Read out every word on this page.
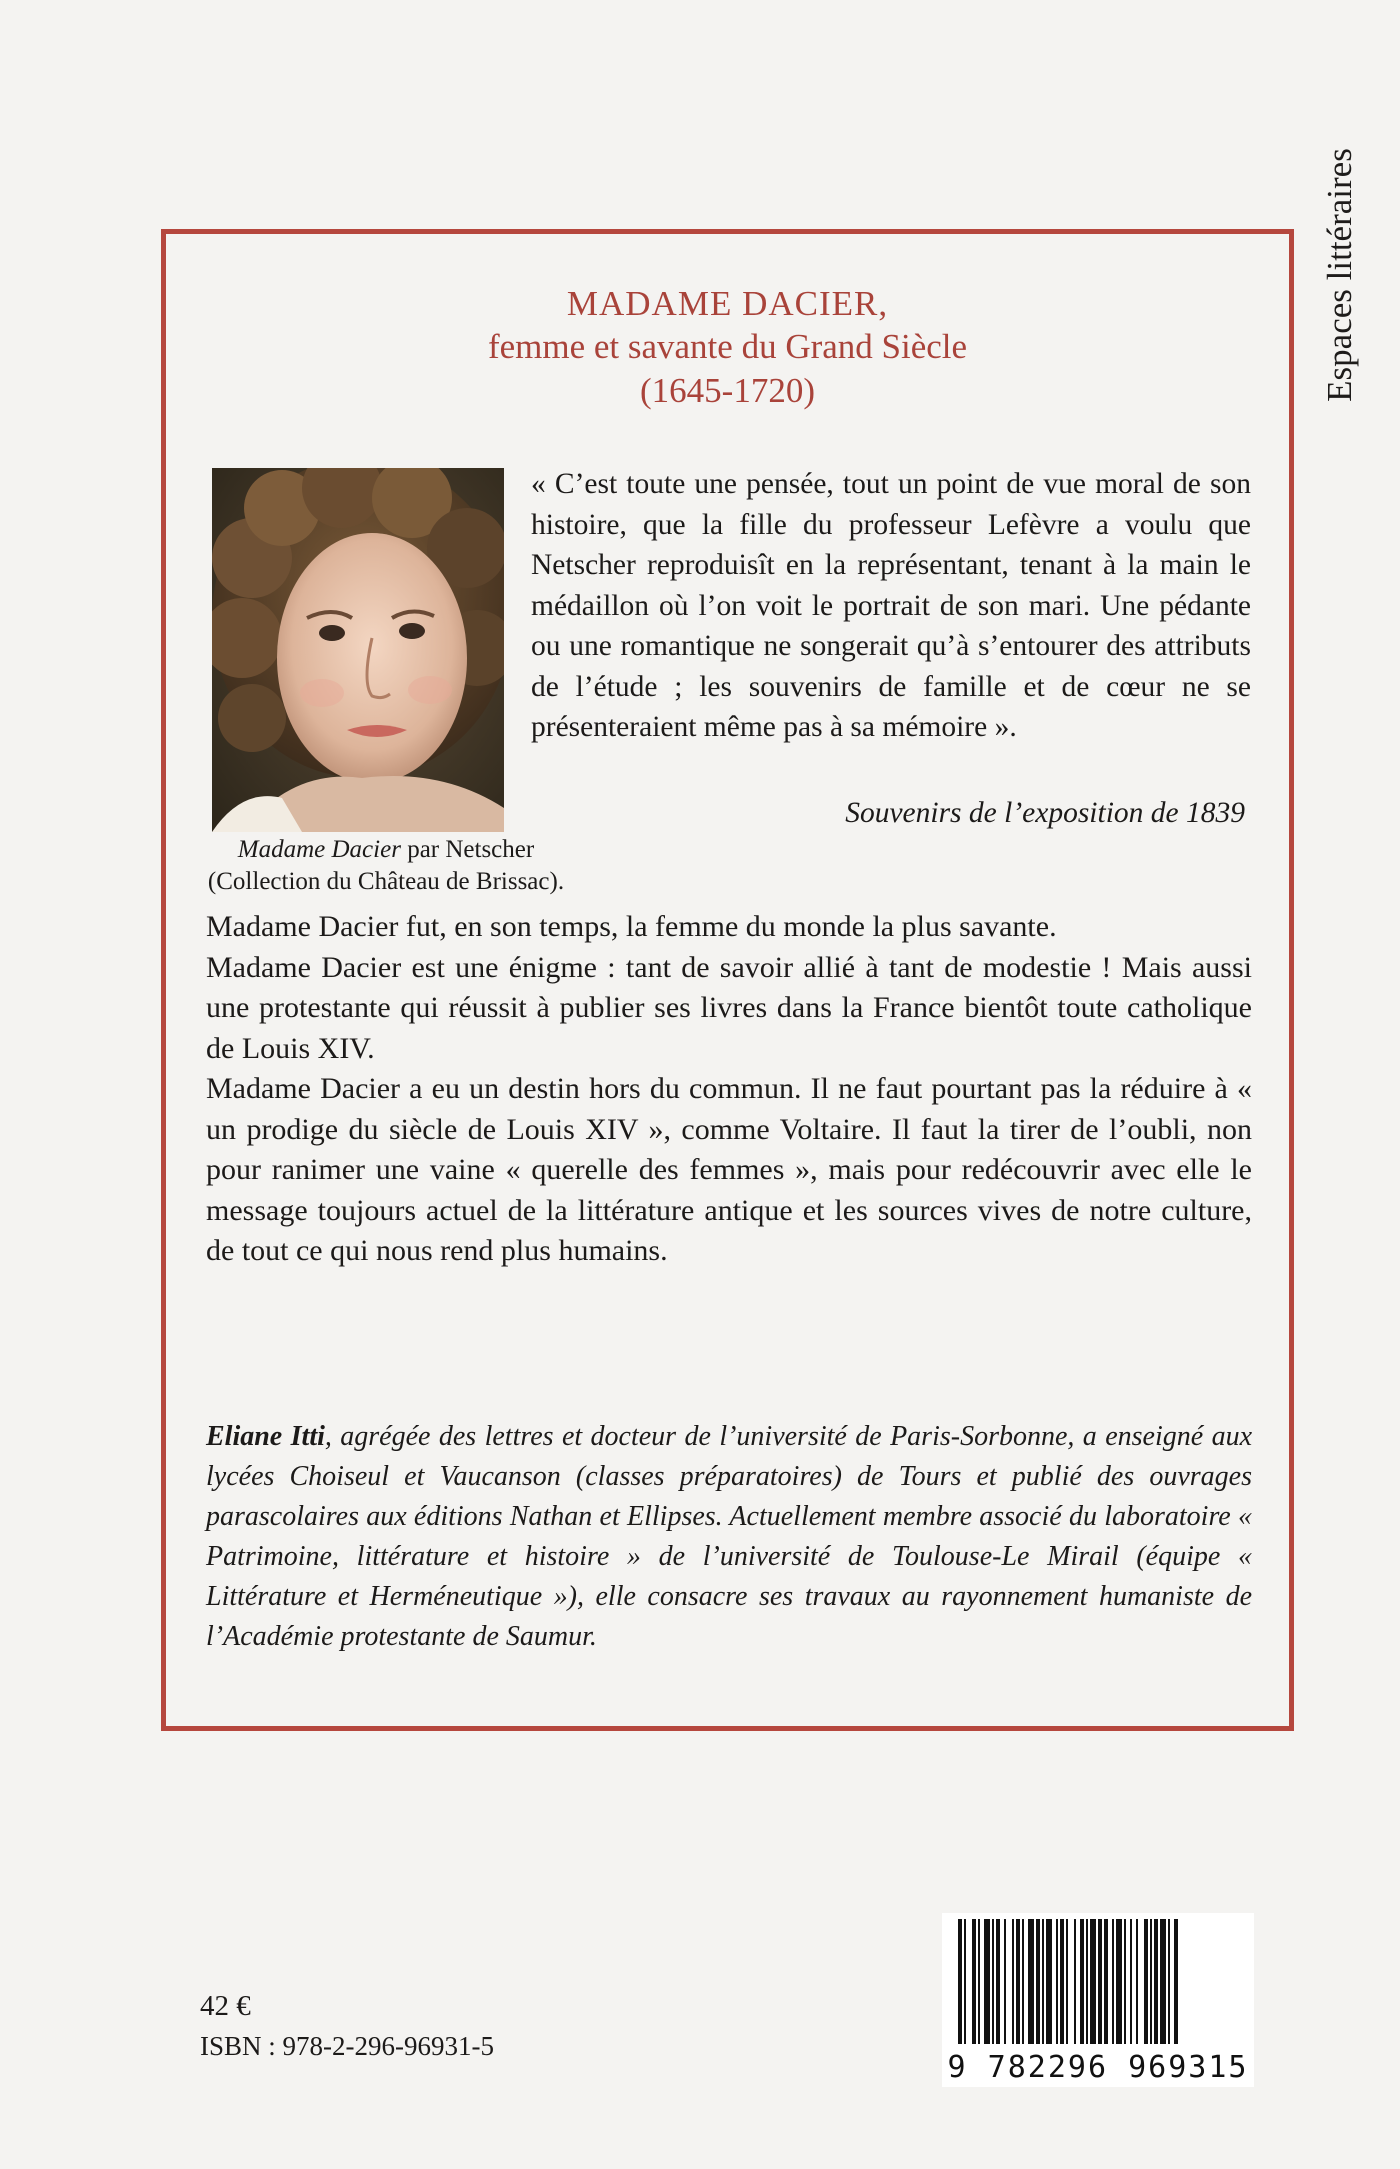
Espaces littéraires
MADAME DACIER,
femme et savante du Grand Siècle
(1645-1720)
Madame Dacier par Netscher
(Collection du Château de Brissac).
« C’est toute une pensée, tout un point de vue moral de son histoire, que la fille du professeur Lefèvre a voulu que Netscher reproduisît en la représentant, tenant à la main le médaillon où l’on voit le portrait de son mari. Une pédante ou une romantique ne songerait qu’à s’entourer des attributs de l’étude ; les souvenirs de famille et de cœur ne se présenteraient même pas à sa mémoire ».
Souvenirs de l’exposition de 1839

Madame Dacier fut, en son temps, la femme du monde la plus savante.

Madame Dacier est une énigme : tant de savoir allié à tant de modestie ! Mais aussi une protestante qui réussit à publier ses livres dans la France bientôt toute catholique de Louis XIV.

Madame Dacier a eu un destin hors du commun. Il ne faut pourtant pas la réduire à « un prodige du siècle de Louis XIV », comme Voltaire. Il faut la tirer de l’oubli, non pour ranimer une vaine « querelle des femmes », mais pour redécouvrir avec elle le message toujours actuel de la littérature antique et les sources vives de notre culture, de tout ce qui nous rend plus humains.

Eliane Itti, agrégée des lettres et docteur de l’université de Paris-Sorbonne, a enseigné aux lycées Choiseul et Vaucanson (classes préparatoires) de Tours et publié des ouvrages parascolaires aux éditions Nathan et Ellipses. Actuellement membre associé du laboratoire « Patrimoine, littérature et histoire » de l’université de Toulouse-Le Mirail (équipe « Littérature et Herméneutique »), elle consacre ses travaux au rayonnement humaniste de l’Académie protestante de Saumur.
42 €
ISBN : 978-2-296-96931-5
9 782296 969315
